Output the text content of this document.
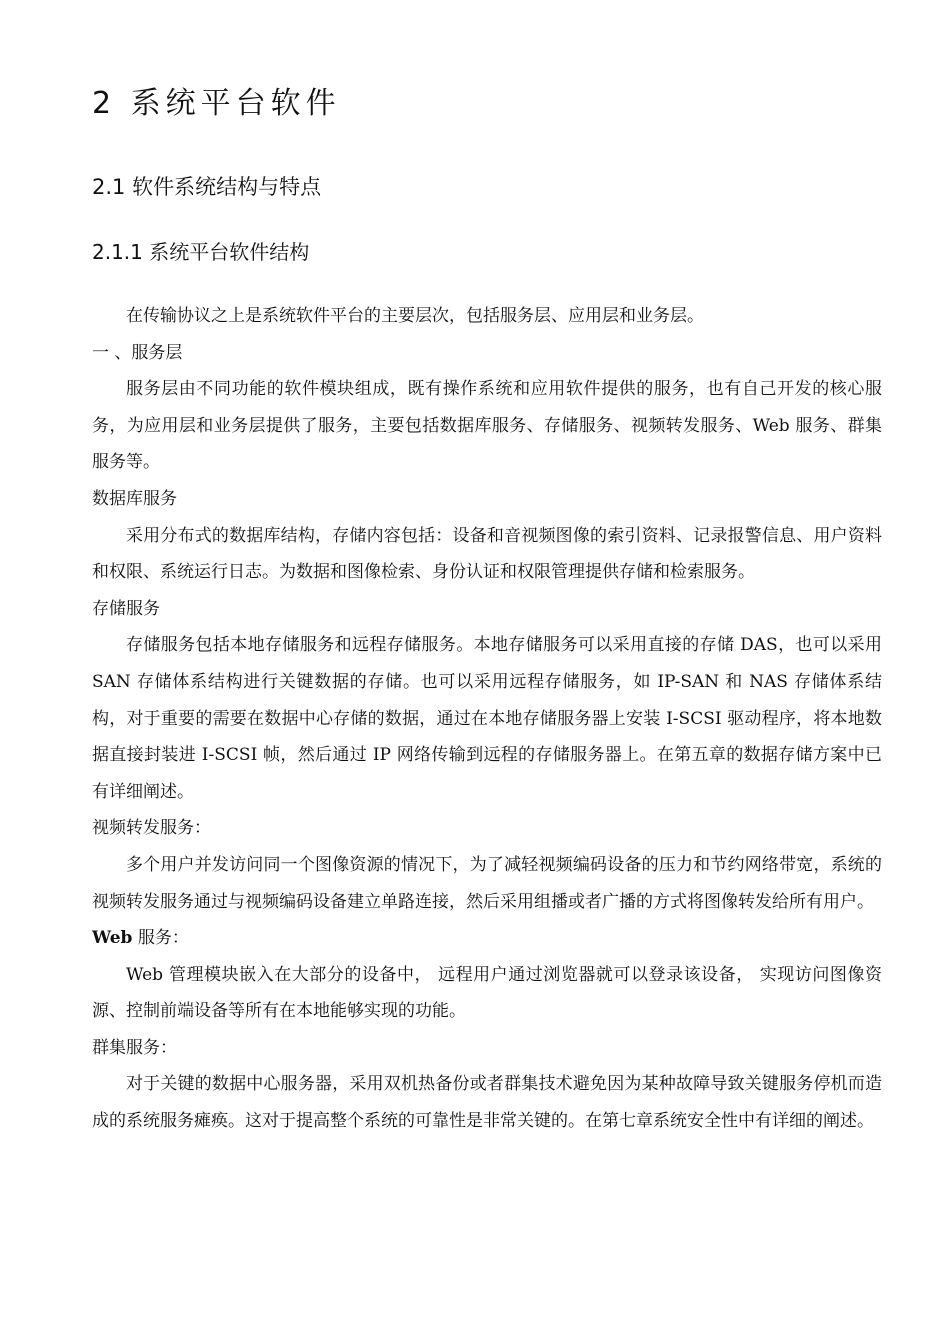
2 系统平台软件
2.1 软件系统结构与特点
2.1.1 系统平台软件结构

在传输协议之上是系统软件平台的主要层次，包括服务层、应用层和业务层。

一 、服务层

服务层由不同功能的软件模块组成，既有操作系统和应用软件提供的服务，也有自己开发的核心服务，为应用层和业务层提供了服务，主要包括数据库服务、存储服务、视频转发服务、Web 服务、群集服务等。

数据库服务

采用分布式的数据库结构，存储内容包括：设备和音视频图像的索引资料、记录报警信息、用户资料和权限、系统运行日志。为数据和图像检索、身份认证和权限管理提供存储和检索服务。

存储服务

存储服务包括本地存储服务和远程存储服务。本地存储服务可以采用直接的存储 DAS，也可以采用 SAN 存储体系结构进行关键数据的存储。也可以采用远程存储服务，如 IP-SAN 和 NAS 存储体系结构，对于重要的需要在数据中心存储的数据，通过在本地存储服务器上安装 I-SCSI 驱动程序，将本地数据直接封装进 I-SCSI 帧，然后通过 IP 网络传输到远程的存储服务器上。在第五章的数据存储方案中已有详细阐述。

视频转发服务：

多个用户并发访问同一个图像资源的情况下，为了减轻视频编码设备的压力和节约网络带宽，系统的视频转发服务通过与视频编码设备建立单路连接，然后采用组播或者广播的方式将图像转发给所有用户。

Web 服务：

Web 管理模块嵌入在大部分的设备中， 远程用户通过浏览器就可以登录该设备， 实现访问图像资源、控制前端设备等所有在本地能够实现的功能。

群集服务：

对于关键的数据中心服务器，采用双机热备份或者群集技术避免因为某种故障导致关键服务停机而造成的系统服务瘫痪。这对于提高整个系统的可靠性是非常关键的。在第七章系统安全性中有详细的阐述。
